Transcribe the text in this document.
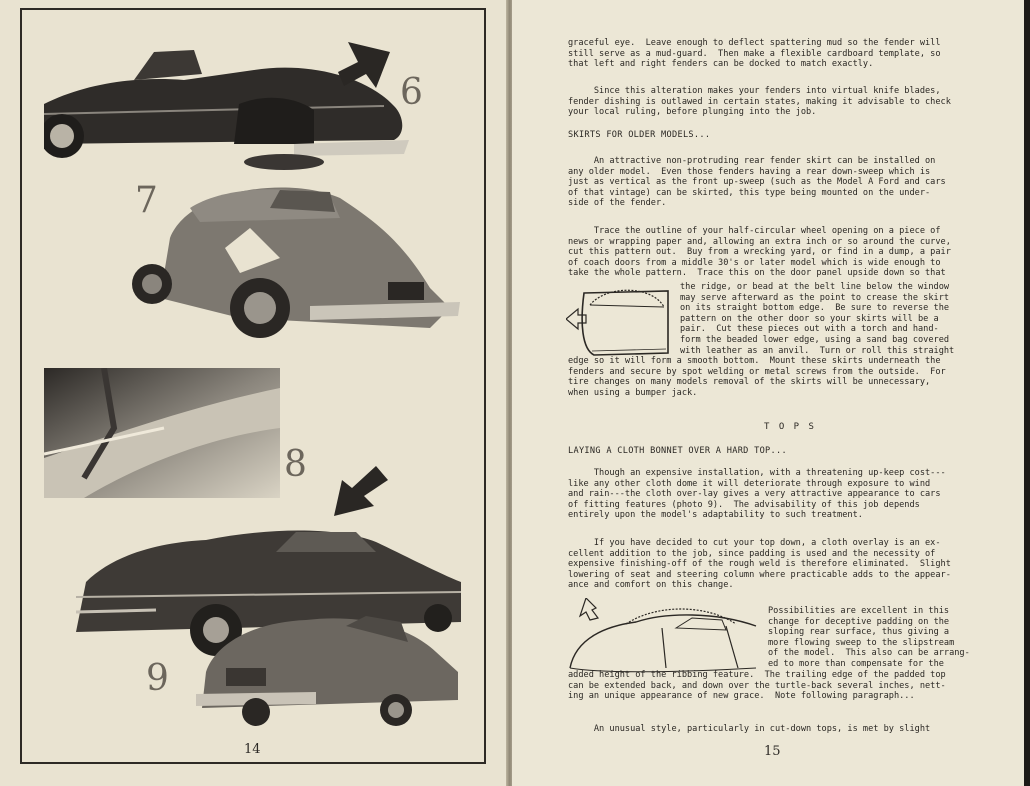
6
7
8
9
14
graceful eye.  Leave enough to deflect spattering mud so the fender will
still serve as a mud-guard.  Then make a flexible cardboard template, so
that left and right fenders can be docked to match exactly.
Since this alteration makes your fenders into virtual knife blades,
fender dishing is outlawed in certain states, making it advisable to check
your local ruling, before plunging into the job.
SKIRTS FOR OLDER MODELS...
An attractive non-protruding rear fender skirt can be installed on
any older model.  Even those fenders having a rear down-sweep which is
just as vertical as the front up-sweep (such as the Model A Ford and cars
of that vintage) can be skirted, this type being mounted on the under-
side of the fender.
Trace the outline of your half-circular wheel opening on a piece of
news or wrapping paper and, allowing an extra inch or so around the curve,
cut this pattern out.  Buy from a wrecking yard, or find in a dump, a pair
of coach doors from a middle 30's or later model which is wide enough to
take the whole pattern.  Trace this on the door panel upside down so that
the ridge, or bead at the belt line below the window
may serve afterward as the point to crease the skirt
on its straight bottom edge.  Be sure to reverse the
pattern on the other door so your skirts will be a
pair.  Cut these pieces out with a torch and hand-
form the beaded lower edge, using a sand bag covered
with leather as an anvil.  Turn or roll this straight
edge so it will form a smooth bottom.  Mount these skirts underneath the
fenders and secure by spot welding or metal screws from the outside.  For
tire changes on many models removal of the skirts will be unnecessary,
when using a bumper jack.
T O P S
LAYING A CLOTH BONNET OVER A HARD TOP...
Though an expensive installation, with a threatening up-keep cost---
like any other cloth dome it will deteriorate through exposure to wind
and rain---the cloth over-lay gives a very attractive appearance to cars
of fitting features (photo 9).  The advisability of this job depends
entirely upon the model's adaptability to such treatment.
If you have decided to cut your top down, a cloth overlay is an ex-
cellent addition to the job, since padding is used and the necessity of
expensive finishing-off of the rough weld is therefore eliminated.  Slight
lowering of seat and steering column where practicable adds to the appear-
ance and comfort on this change.
Possibilities are excellent in this
change for deceptive padding on the
sloping rear surface, thus giving a
more flowing sweep to the slipstream
of the model.  This also can be arrang-
ed to more than compensate for the
added height of the ribbing feature.  The trailing edge of the padded top
can be extended back, and down over the turtle-back several inches, nett-
ing an unique appearance of new grace.  Note following paragraph...
An unusual style, particularly in cut-down tops, is met by slight
15
